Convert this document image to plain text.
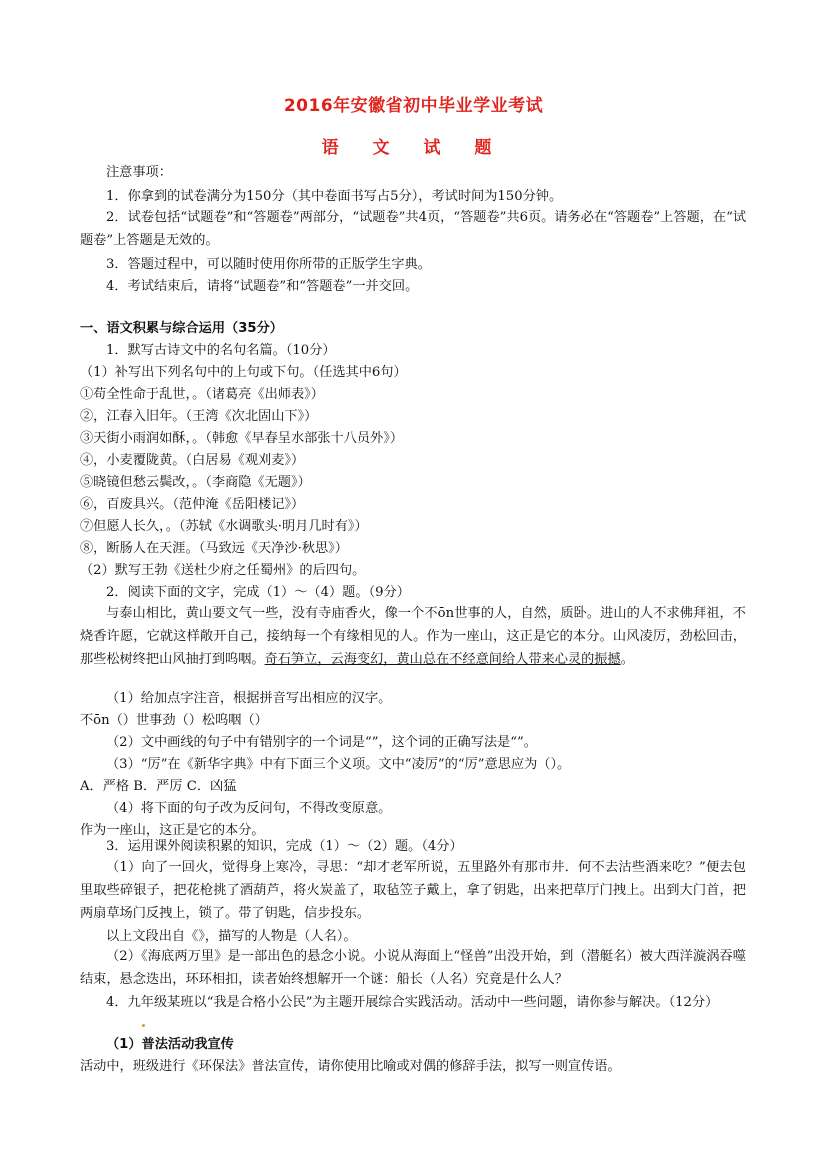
2016年安徽省初中毕业学业考试
语 文 试 题
注意事项：
1．你拿到的试卷满分为150分（其中卷面书写占5分），考试时间为150分钟。
2．试卷包括“试题卷”和“答题卷”两部分，“试题卷”共4页，“答题卷”共6页。请务必在“答题卷”上答题，在“试题卷”上答题是无效的。
3．答题过程中，可以随时使用你所带的正版学生字典。
4．考试结束后，请将“试题卷”和“答题卷”一并交回。
一、语文积累与综合运用（35分）
1．默写古诗文中的名句名篇。（10分）
（1）补写出下列名句中的上句或下句。（任选其中6句）
①苟全性命于乱世，。（诸葛亮《出师表》）
②，江春入旧年。（王湾《次北固山下》）
③天街小雨润如酥，。（韩愈《早春呈水部张十八员外》）
④，小麦覆陇黄。（白居易《观刈麦》）
⑤晓镜但愁云鬓改，。（李商隐《无题》）
⑥，百废具兴。（范仲淹《岳阳楼记》）
⑦但愿人长久，。（苏轼《水调歌头·明月几时有》）
⑧，断肠人在天涯。（马致远《天净沙·秋思》）
（2）默写王勃《送杜少府之任蜀州》的后四句。
2．阅读下面的文字，完成（1）～（4）题。（9分）
与泰山相比，黄山要文气一些，没有寺庙香火，像一个不ōn世事的人，自然，质卧。进山的人不求佛拜祖，不烧香许愿，它就这样敞开自己，接纳每一个有缘相见的人。作为一座山，这正是它的本分。山风凌厉，劲松回击，那些松树终把山风抽打到呜咽。奇石笋立，云海变幻，黄山总在不经意间给人带来心灵的振撼。
（1）给加点字注音，根据拼音写出相应的汉字。
不ōn（）世事劲（）松呜咽（）
（2）文中画线的句子中有错别字的一个词是“”，这个词的正确写法是“”。
（3）“厉”在《新华字典》中有下面三个义项。文中“凌厉”的“厉”意思应为（）。
A．严格 B．严厉 C．凶猛
（4）将下面的句子改为反问句，不得改变原意。
作为一座山，这正是它的本分。
3．运用课外阅读积累的知识，完成（1）～（2）题。（4分）
（1）向了一回火，觉得身上寒冷，寻思：“却才老军所说，五里路外有那市井．何不去沽些酒来吃？”便去包里取些碎银子，把花枪挑了酒葫芦，将火炭盖了，取毡笠子戴上，拿了钥匙，出来把草厅门拽上。出到大门首，把两扇草场门反拽上，锁了。带了钥匙，信步投东。
以上文段出自《》，描写的人物是（人名）。
（2）《海底两万里》是一部出色的悬念小说。小说从海面上“怪兽”出没开始，到（潜艇名）被大西洋漩涡吞噬结束，悬念迭出，环环相扣，读者始终想解开一个谜：船长（人名）究竟是什么人？
4．九年级某班以“我是合格小公民”为主题开展综合实践活动。活动中一些问题，请你参与解决。（12分）
（1）普法活动我宣传
活动中，班级进行《环保法》普法宣传，请你使用比喻或对偶的修辞手法，拟写一则宣传语。
